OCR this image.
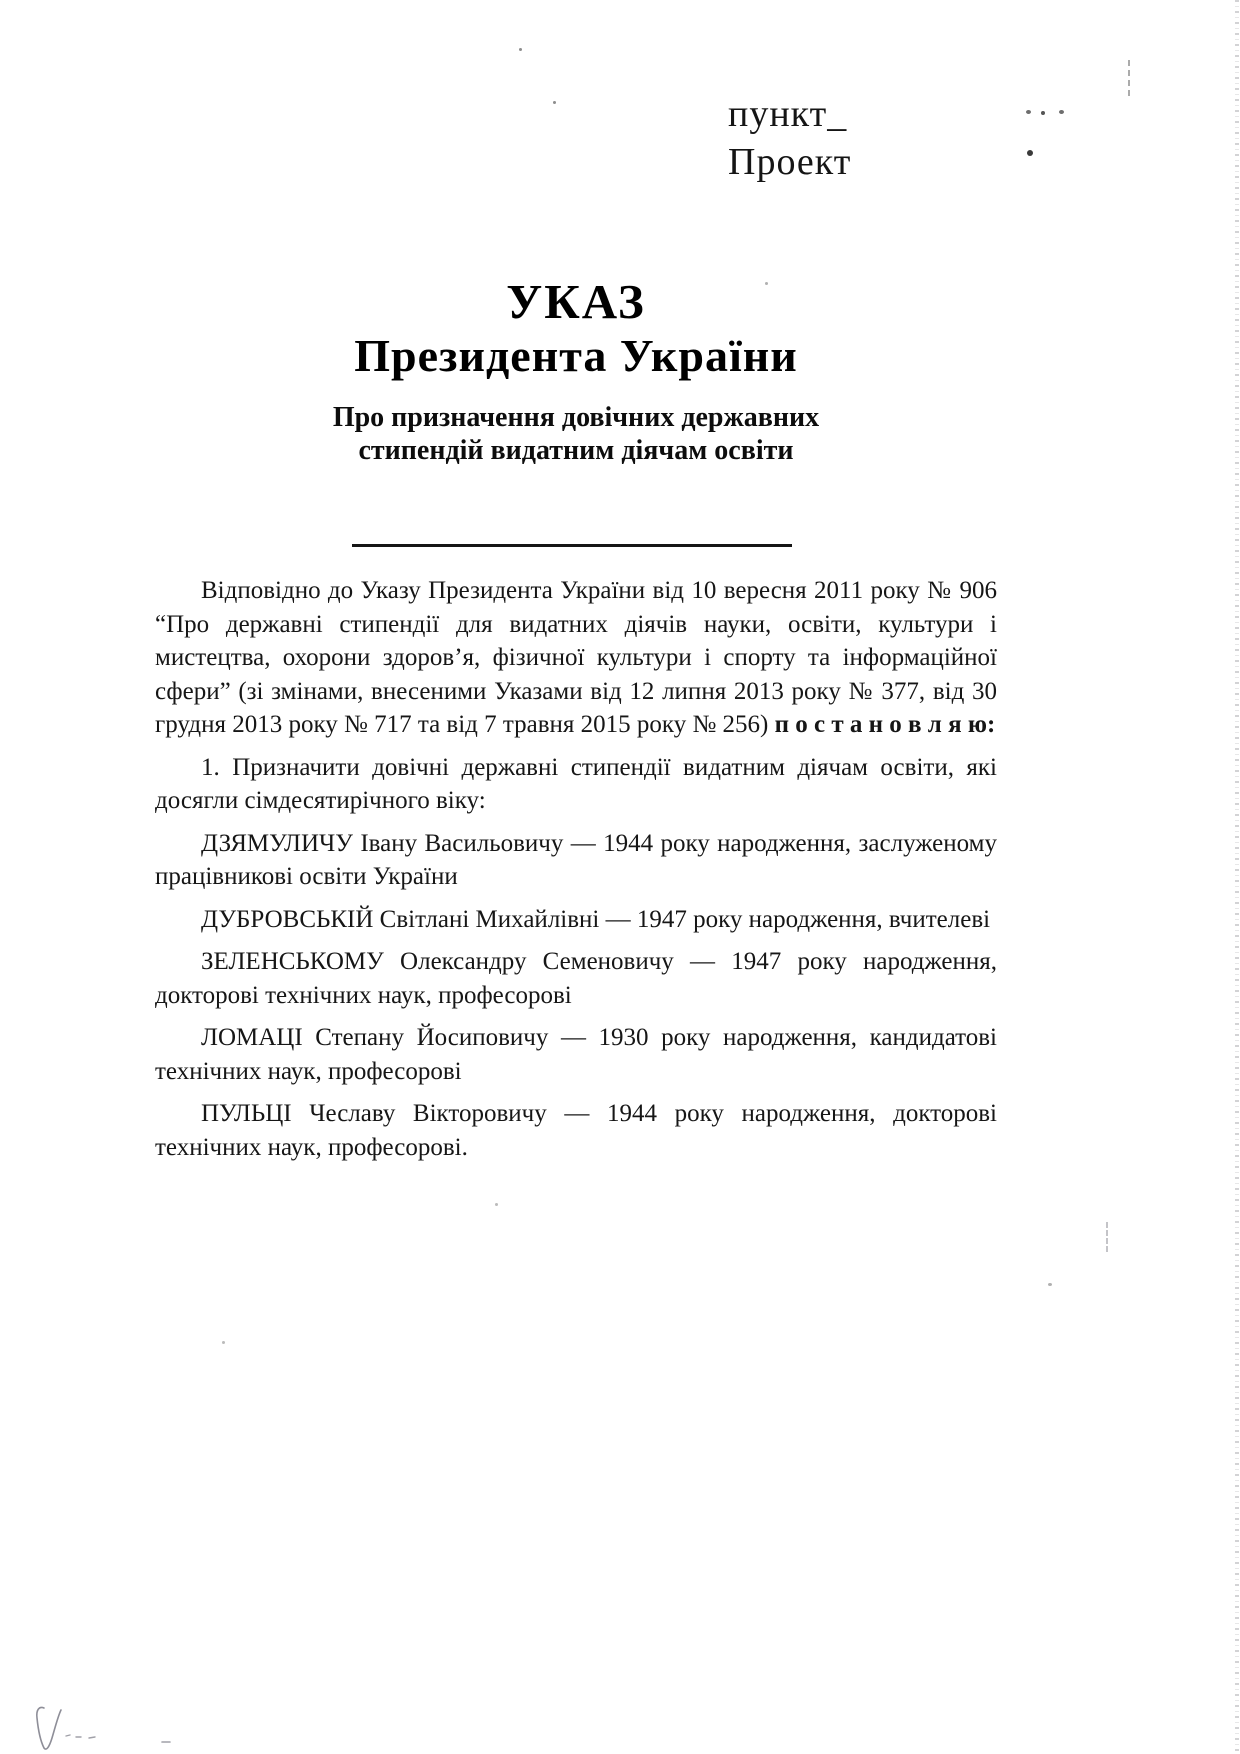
пункт_
Проект
УКАЗ
Президента України
Про призначення довічних державних
стипендій видатним діячам освіти

Відповідно до Указу Президента України від 10 вересня 2011 року № 906 “Про державні стипендії для видатних діячів науки, освіти, культури і мистецтва, охорони здоров’я, фізичної культури і спорту та інформаційної сфери” (зі змінами, внесеними Указами від 12 липня 2013 року № 377, від 30 грудня 2013 року № 717 та від 7 травня 2015 року № 256) п о с т а н о в л я ю:

1. Призначити довічні державні стипендії видатним діячам освіти, які досягли сімдесятирічного віку:

ДЗЯМУЛИЧУ Івану Васильовичу — 1944 року народження, заслуженому працівникові освіти України

ДУБРОВСЬКІЙ Світлані Михайлівні — 1947 року народження, вчителеві

ЗЕЛЕНСЬКОМУ Олександру Семеновичу — 1947 року народження, докторові технічних наук, професорові

ЛОМАЦІ Степану Йосиповичу — 1930 року народження, кандидатові технічних наук, професорові

ПУЛЬЦІ Чеславу Вікторовичу — 1944 року народження, докторові технічних наук, професорові.
